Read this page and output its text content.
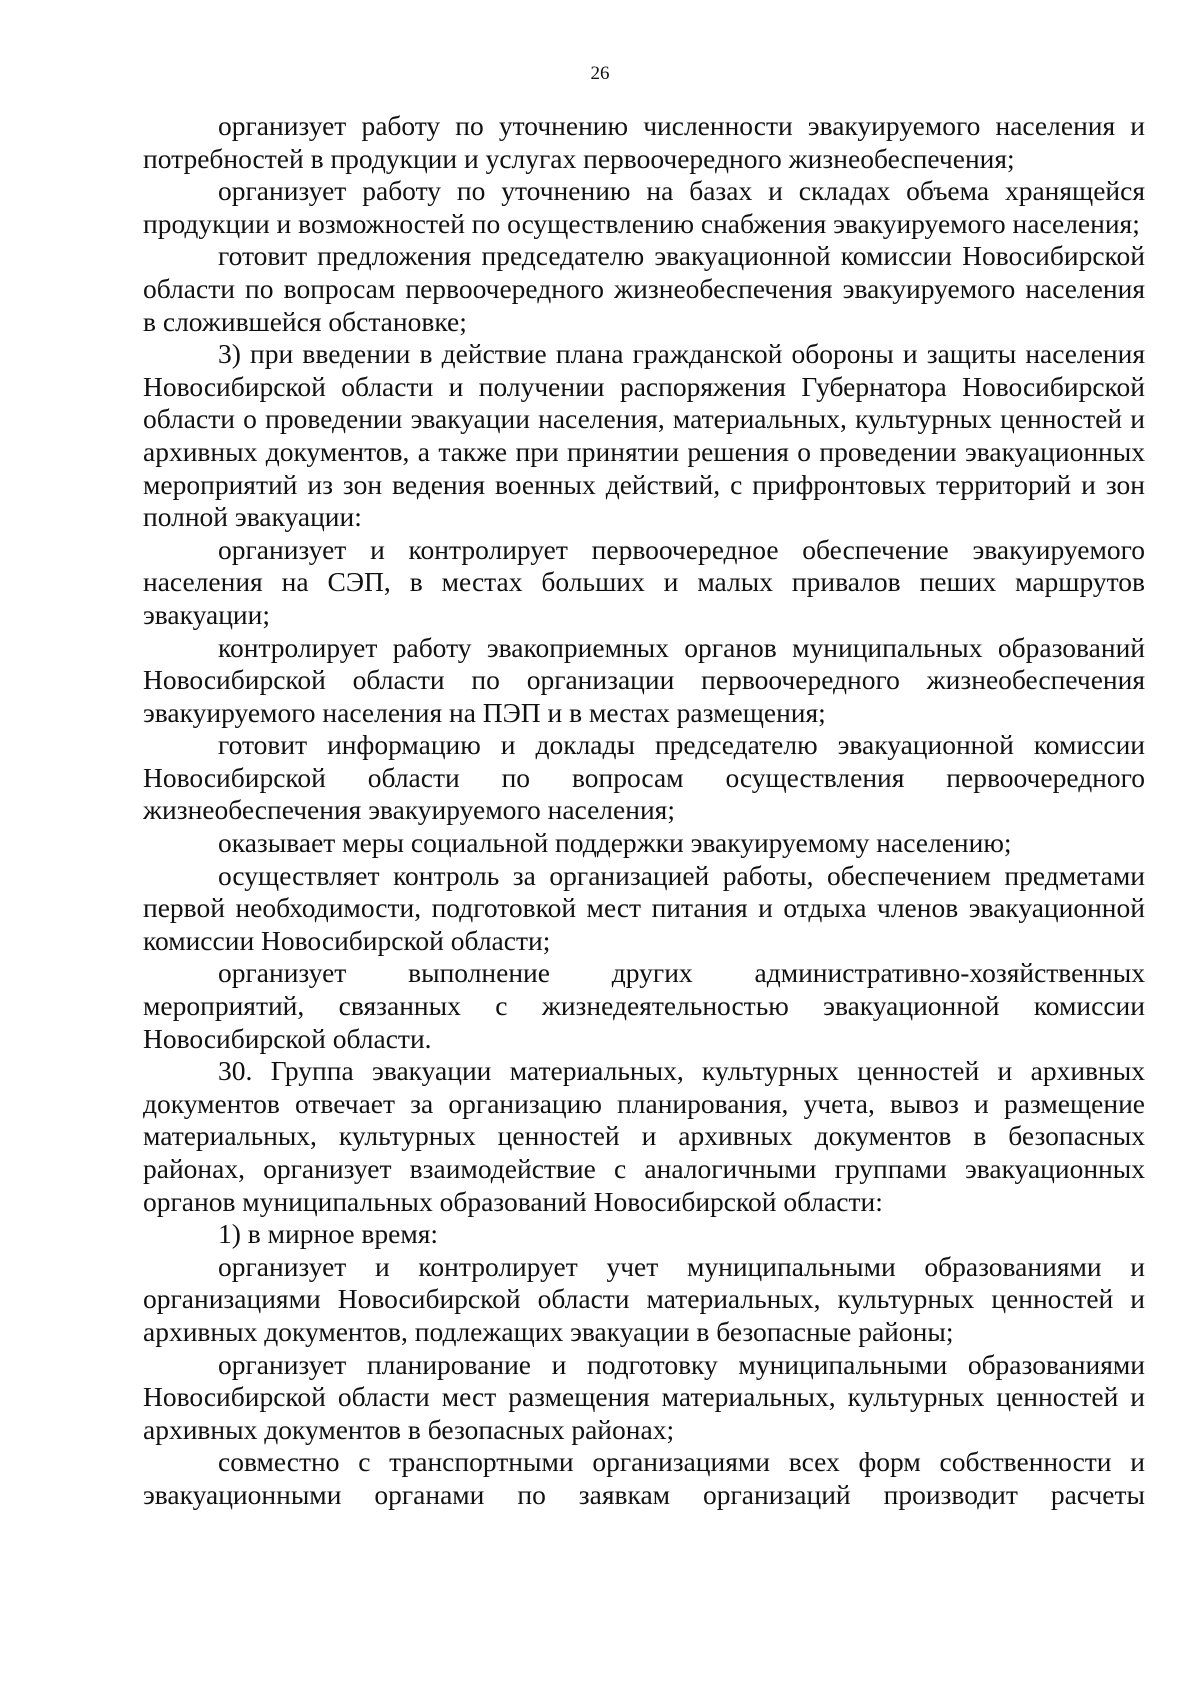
26

организует работу по уточнению численности эвакуируемого населения и потребностей в продукции и услугах первоочередного жизнеобеспечения;

организует работу по уточнению на базах и складах объема хранящейся продукции и возможностей по осуществлению снабжения эвакуируемого населения;

готовит предложения председателю эвакуационной комиссии Новосибирской области по вопросам первоочередного жизнеобеспечения эвакуируемого населения в сложившейся обстановке;

3) при введении в действие плана гражданской обороны и защиты населения Новосибирской области и получении распоряжения Губернатора Новосибирской области о проведении эвакуации населения, материальных, культурных ценностей и архивных документов, а также при принятии решения о проведении эвакуационных мероприятий из зон ведения военных действий, с прифронтовых территорий и зон полной эвакуации:

организует и контролирует первоочередное обеспечение эвакуируемого населения на СЭП, в местах больших и малых привалов пеших маршрутов эвакуации;

контролирует работу эвакоприемных органов муниципальных образований Новосибирской области по организации первоочередного жизнеобеспечения эвакуируемого населения на ПЭП и в местах размещения;

готовит информацию и доклады председателю эвакуационной комиссии Новосибирской области по вопросам осуществления первоочередного жизнеобеспечения эвакуируемого населения;

оказывает меры социальной поддержки эвакуируемому населению;

осуществляет контроль за организацией работы, обеспечением предметами первой необходимости, подготовкой мест питания и отдыха членов эвакуационной комиссии Новосибирской области;

организует выполнение других административно-хозяйственных мероприятий, связанных с жизнедеятельностью эвакуационной комиссии Новосибирской области.

30. Группа эвакуации материальных, культурных ценностей и архивных документов отвечает за организацию планирования, учета, вывоз и размещение материальных, культурных ценностей и архивных документов в безопасных районах, организует взаимодействие с аналогичными группами эвакуационных органов муниципальных образований Новосибирской области:

1) в мирное время:

организует и контролирует учет муниципальными образованиями и организациями Новосибирской области материальных, культурных ценностей и архивных документов, подлежащих эвакуации в безопасные районы;

организует планирование и подготовку муниципальными образованиями Новосибирской области мест размещения материальных, культурных ценностей и архивных документов в безопасных районах;

совместно с транспортными организациями всех форм собственности и эвакуационными органами по заявкам организаций производит расчеты
